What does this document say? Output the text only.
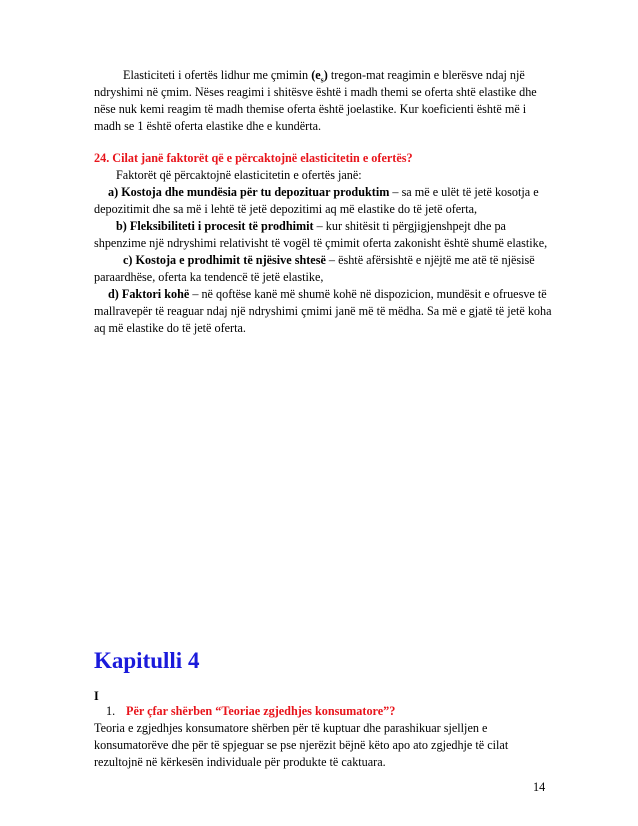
Elasticiteti i ofertës lidhur me çmimin $(e_s)$ tregon-mat reagimin e blerësve ndaj një ndryshimi në çmim. Nëses reagimi i shitësve është i madh themi se oferta shtë elastike dhe nëse nuk kemi reagim të madh themise oferta është joelastike. Kur koeficienti është më i madh se 1 është oferta elastike dhe e kundërta.

24. Cilat janë faktorët që e përcaktojnë elasticitetin e ofertës?

Faktorët që përcaktojnë elasticitetin e ofertës janë:

a) Kostoja dhe mundësia për tu depozituar produktim – sa më e ulët të jetë kosotja e depozitimit dhe sa më i lehtë të jetë depozitimi aq më elastike do të jetë oferta,

b) Fleksibiliteti i procesit të prodhimit – kur shitësit ti përgjigjenshpejt dhe pa shpenzime një ndryshimi relativisht të vogël të çmimit oferta zakonisht është shumë elastike,

c) Kostoja e prodhimit të njësive shtesë – është afërsishtë e njëjtë me atë të njësisë paraardhëse, oferta ka tendencë të jetë elastike,

d) Faktori kohë – në qoftëse kanë më shumë kohë në dispozicion, mundësit e ofruesve të mallravepër të reaguar ndaj një ndryshimi çmimi janë më të mëdha. Sa më e gjatë të jetë koha aq më elastike do të jetë oferta.

Kapitulli 4
I

1. Për çfar shërben “Teoriae zgjedhjes konsumatore”?

Teoria e zgjedhjes konsumatore shërben për të kuptuar dhe parashikuar sjelljen e konsumatorëve dhe për të spjeguar se pse njerëzit bëjnë këto apo ato zgjedhje të cilat rezultojnë në kërkesën individuale për produkte të caktuara.

14
